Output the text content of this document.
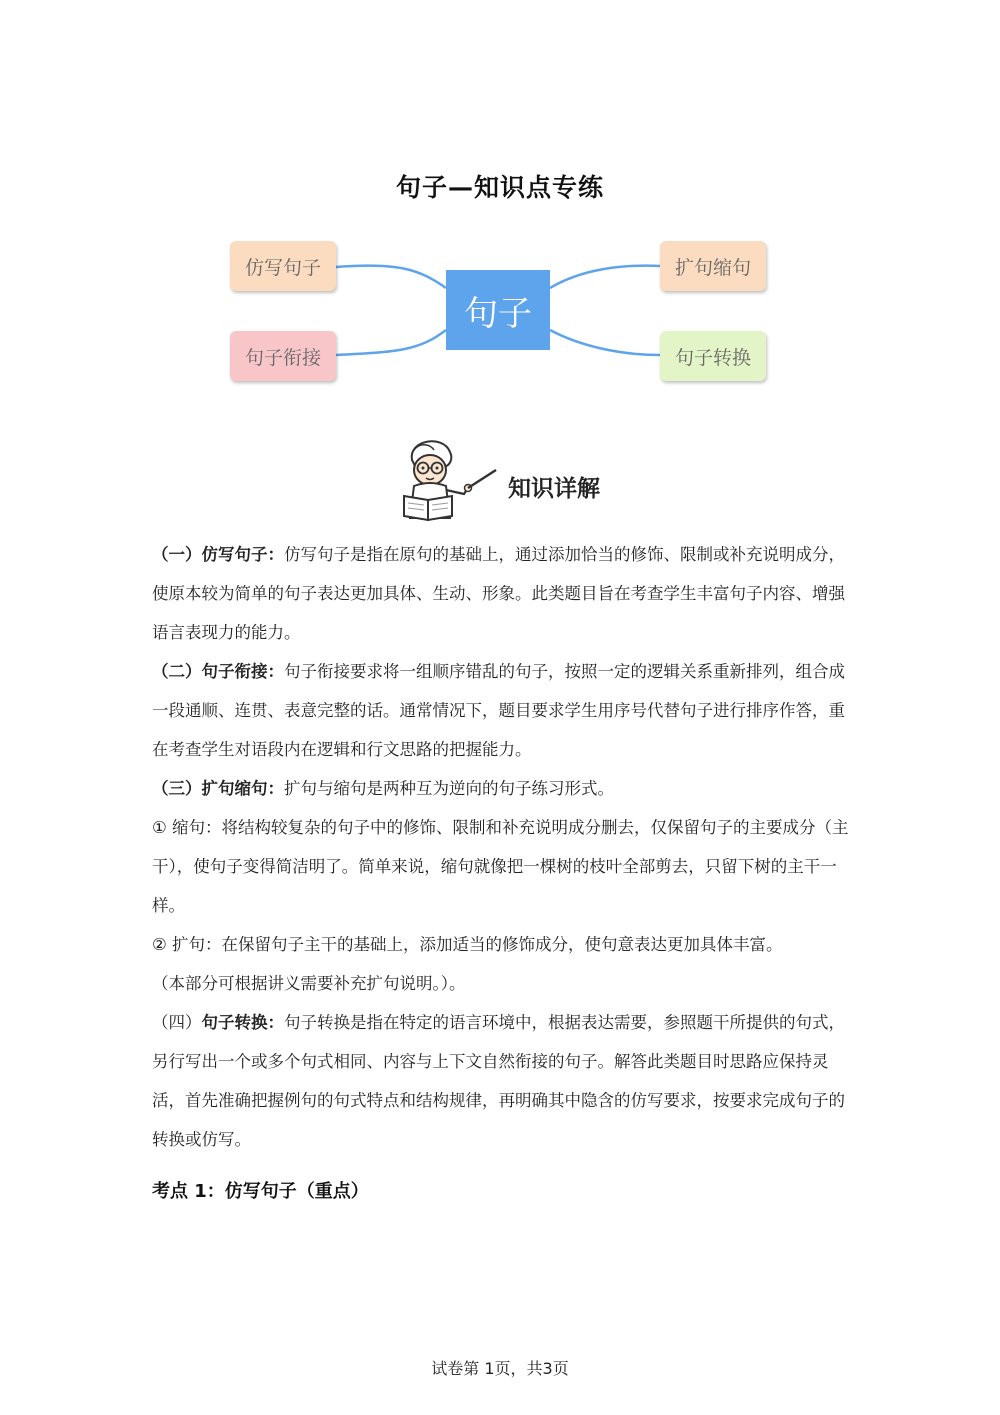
句子—知识点专练
仿写句子
句子衔接
扩句缩句
句子转换
句子
知识详解

（一）仿写句子：仿写句子是指在原句的基础上，通过添加恰当的修饰、限制或补充说明成分，使原本较为简单的句子表达更加具体、生动、形象。此类题目旨在考查学生丰富句子内容、增强语言表现力的能力。

（二）句子衔接：句子衔接要求将一组顺序错乱的句子，按照一定的逻辑关系重新排列，组合成一段通顺、连贯、表意完整的话。通常情况下，题目要求学生用序号代替句子进行排序作答，重在考查学生对语段内在逻辑和行文思路的把握能力。

（三）扩句缩句：扩句与缩句是两种互为逆向的句子练习形式。

① 缩句：将结构较复杂的句子中的修饰、限制和补充说明成分删去，仅保留句子的主要成分（主干），使句子变得简洁明了。简单来说，缩句就像把一棵树的枝叶全部剪去，只留下树的主干一样。

② 扩句：在保留句子主干的基础上，添加适当的修饰成分，使句意表达更加具体丰富。

（本部分可根据讲义需要补充扩句说明。）。

（四）句子转换：句子转换是指在特定的语言环境中，根据表达需要，参照题干所提供的句式，另行写出一个或多个句式相同、内容与上下文自然衔接的句子。解答此类题目时思路应保持灵活，首先准确把握例句的句式特点和结构规律，再明确其中隐含的仿写要求，按要求完成句子的转换或仿写。

考点 1：仿写句子（重点）
试卷第 1页，共3页
